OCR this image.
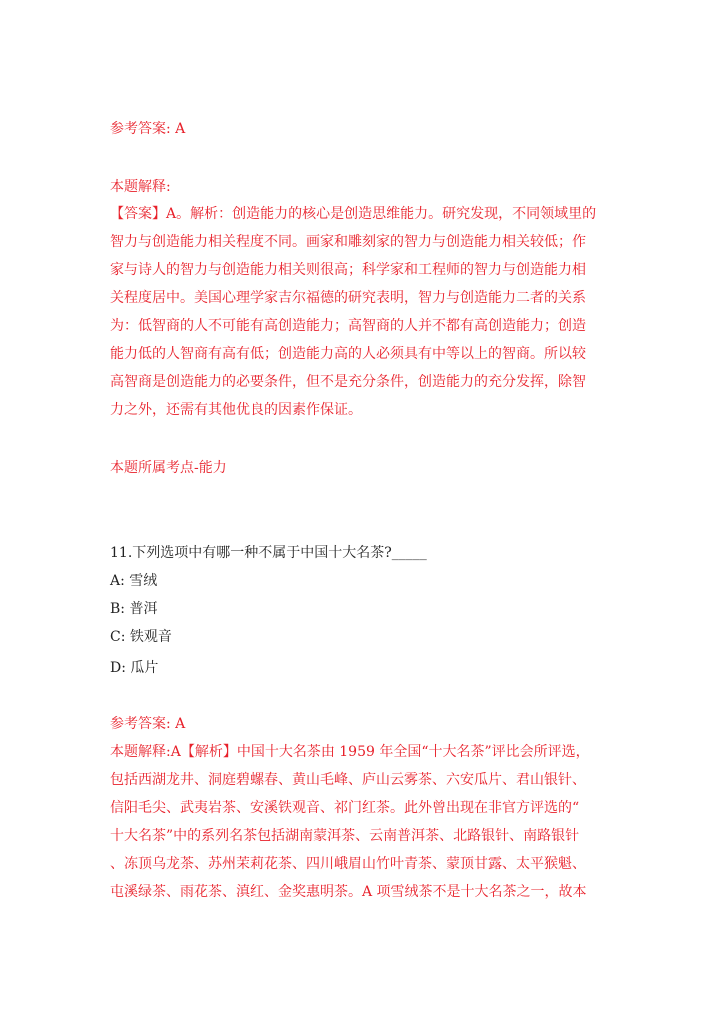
参考答案: A
本题解释:
【答案】A。解析：创造能力的核心是创造思维能力。研究发现，不同领域里的
智力与创造能力相关程度不同。画家和雕刻家的智力与创造能力相关较低；作
家与诗人的智力与创造能力相关则很高；科学家和工程师的智力与创造能力相
关程度居中。美国心理学家吉尔福德的研究表明，智力与创造能力二者的关系
为：低智商的人不可能有高创造能力；高智商的人并不都有高创造能力；创造
能力低的人智商有高有低；创造能力高的人必须具有中等以上的智商。所以较
高智商是创造能力的必要条件，但不是充分条件，创造能力的充分发挥，除智
力之外，还需有其他优良的因素作保证。
本题所属考点-能力
11.下列选项中有哪一种不属于中国十大名茶?_____
A: 雪绒
B: 普洱
C: 铁观音
D: 瓜片
参考答案: A
本题解释:A【解析】中国十大名茶由 1959 年全国“十大名茶”评比会所评选，
包括西湖龙井、洞庭碧螺春、黄山毛峰、庐山云雾茶、六安瓜片、君山银针、
信阳毛尖、武夷岩茶、安溪铁观音、祁门红茶。此外曾出现在非官方评选的“
十大名茶”中的系列名茶包括湖南蒙洱茶、云南普洱茶、北路银针、南路银针
、冻顶乌龙茶、苏州茉莉花茶、四川峨眉山竹叶青茶、蒙顶甘露、太平猴魁、
屯溪绿茶、雨花茶、滇红、金奖惠明茶。A 项雪绒茶不是十大名茶之一，故本
